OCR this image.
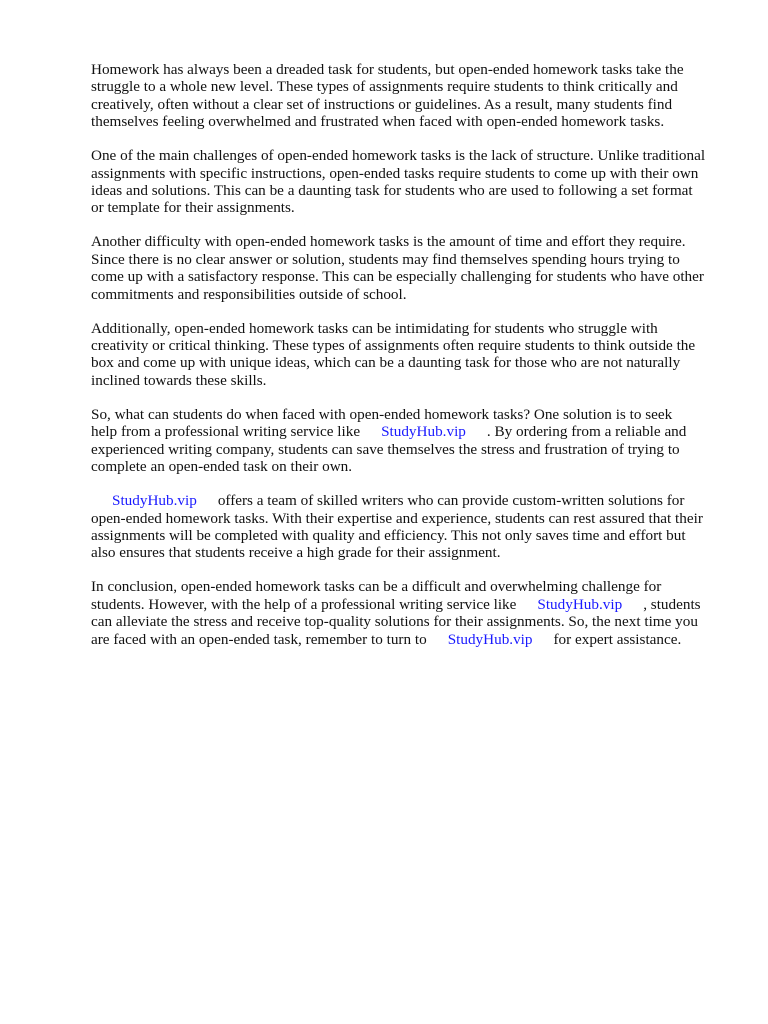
Homework has always been a dreaded task for students, but open-ended homework tasks take the
struggle to a whole new level. These types of assignments require students to think critically and
creatively, often without a clear set of instructions or guidelines. As a result, many students find
themselves feeling overwhelmed and frustrated when faced with open-ended homework tasks.

One of the main challenges of open-ended homework tasks is the lack of structure. Unlike traditional
assignments with specific instructions, open-ended tasks require students to come up with their own
ideas and solutions. This can be a daunting task for students who are used to following a set format
or template for their assignments.

Another difficulty with open-ended homework tasks is the amount of time and effort they require.
Since there is no clear answer or solution, students may find themselves spending hours trying to
come up with a satisfactory response. This can be especially challenging for students who have other
commitments and responsibilities outside of school.

Additionally, open-ended homework tasks can be intimidating for students who struggle with
creativity or critical thinking. These types of assignments often require students to think outside the
box and come up with unique ideas, which can be a daunting task for those who are not naturally
inclined towards these skills.

So, what can students do when faced with open-ended homework tasks? One solution is to seek
help from a professional writing service like StudyHub.vip . By ordering from a reliable and
experienced writing company, students can save themselves the stress and frustration of trying to
complete an open-ended task on their own.

StudyHub.vip offers a team of skilled writers who can provide custom-written solutions for
open-ended homework tasks. With their expertise and experience, students can rest assured that their
assignments will be completed with quality and efficiency. This not only saves time and effort but
also ensures that students receive a high grade for their assignment.

In conclusion, open-ended homework tasks can be a difficult and overwhelming challenge for
students. However, with the help of a professional writing service like StudyHub.vip , students
can alleviate the stress and receive top-quality solutions for their assignments. So, the next time you
are faced with an open-ended task, remember to turn to StudyHub.vip for expert assistance.
